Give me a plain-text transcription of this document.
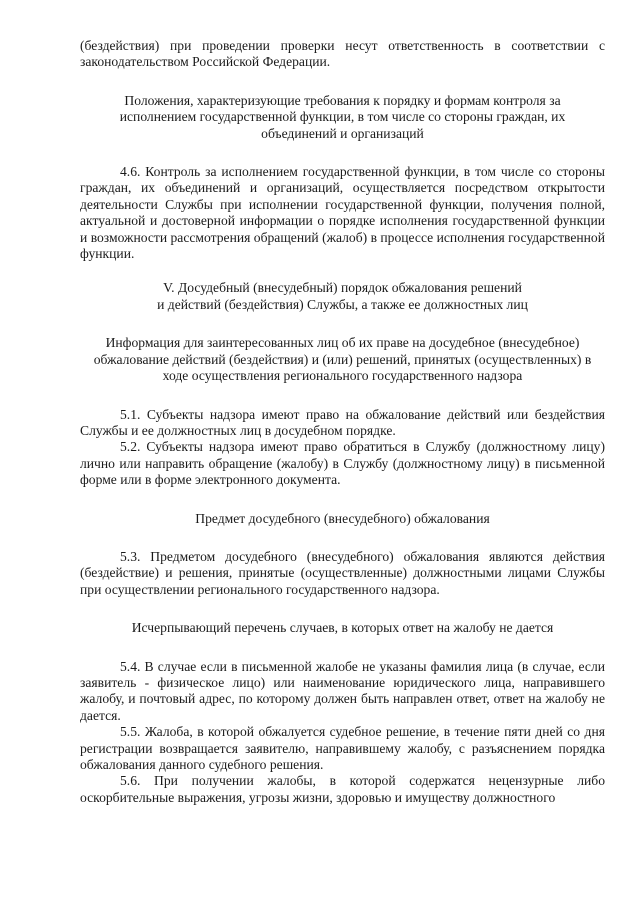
(бездействия) при проведении проверки несут ответственность в соответствии с законодательством Российской Федерации.

Положения, характеризующие требования к порядку и формам контроля за исполнением государственной функции, в том числе со стороны граждан, их объединений и организаций

4.6. Контроль за исполнением государственной функции, в том числе со стороны граждан, их объединений и организаций, осуществляется посредством открытости деятельности Службы при исполнении государственной функции, получения полной, актуальной и достоверной информации о порядке исполнения государственной функции и возможности рассмотрения обращений (жалоб) в процессе исполнения государственной функции.

V. Досудебный (внесудебный) порядок обжалования решений

и действий (бездействия) Службы, а также ее должностных лиц

Информация для заинтересованных лиц об их праве на досудебное (внесудебное) обжалование действий (бездействия) и (или) решений, принятых (осуществленных) в ходе осуществления регионального государственного надзора

5.1. Субъекты надзора имеют право на обжалование действий или бездействия Службы и ее должностных лиц в досудебном порядке.

5.2. Субъекты надзора имеют право обратиться в Службу (должностному лицу) лично или направить обращение (жалобу) в Службу (должностному лицу) в письменной форме или в форме электронного документа.

Предмет досудебного (внесудебного) обжалования

5.3. Предметом досудебного (внесудебного) обжалования являются действия (бездействие) и решения, принятые (осуществленные) должностными лицами Службы при осуществлении регионального государственного надзора.

Исчерпывающий перечень случаев, в которых ответ на жалобу не дается

5.4. В случае если в письменной жалобе не указаны фамилия лица (в случае, если заявитель - физическое лицо) или наименование юридического лица, направившего жалобу, и почтовый адрес, по которому должен быть направлен ответ, ответ на жалобу не дается.

5.5. Жалоба, в которой обжалуется судебное решение, в течение пяти дней со дня регистрации возвращается заявителю, направившему жалобу, с разъяснением порядка обжалования данного судебного решения.

5.6. При получении жалобы, в которой содержатся нецензурные либо оскорбительные выражения, угрозы жизни, здоровью и имуществу должностного
